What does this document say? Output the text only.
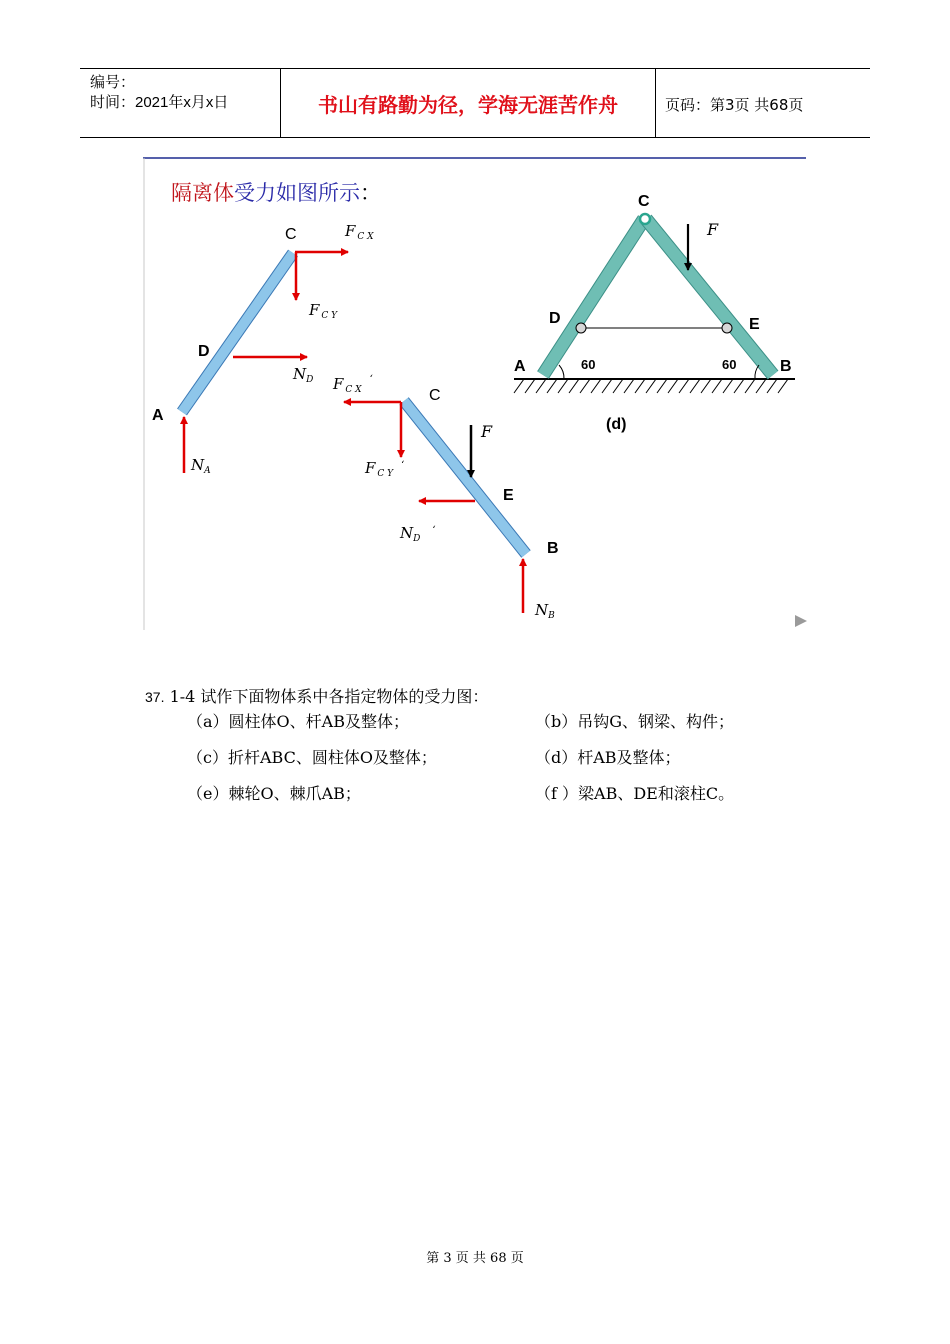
编号：
时间：2021年x月x日	书山有路勤为径，学海无涯苦作舟	页码：第3页 共68页
隔离体受力如图所示：
C
D
A
F $_{C X}$
F $_{C Y}$
$N_D$
$N_A$
C
E
B
F
F $_{C X}$‘
F $_{C Y}$‘
$N_D^‘$
$N_B$
C
D	E
A	B
F
60	60
(d)
37. 1-4 试作下面物体系中各指定物体的受力图：
（a）圆柱体O、杆AB及整体；	（b）吊钩G、钢梁、构件；
（c）折杆ABC、圆柱体O及整体；	（d）杆AB及整体；
（e）棘轮O、棘爪AB；	（f ）梁AB、DE和滚柱C。
第 3 页 共 68 页
